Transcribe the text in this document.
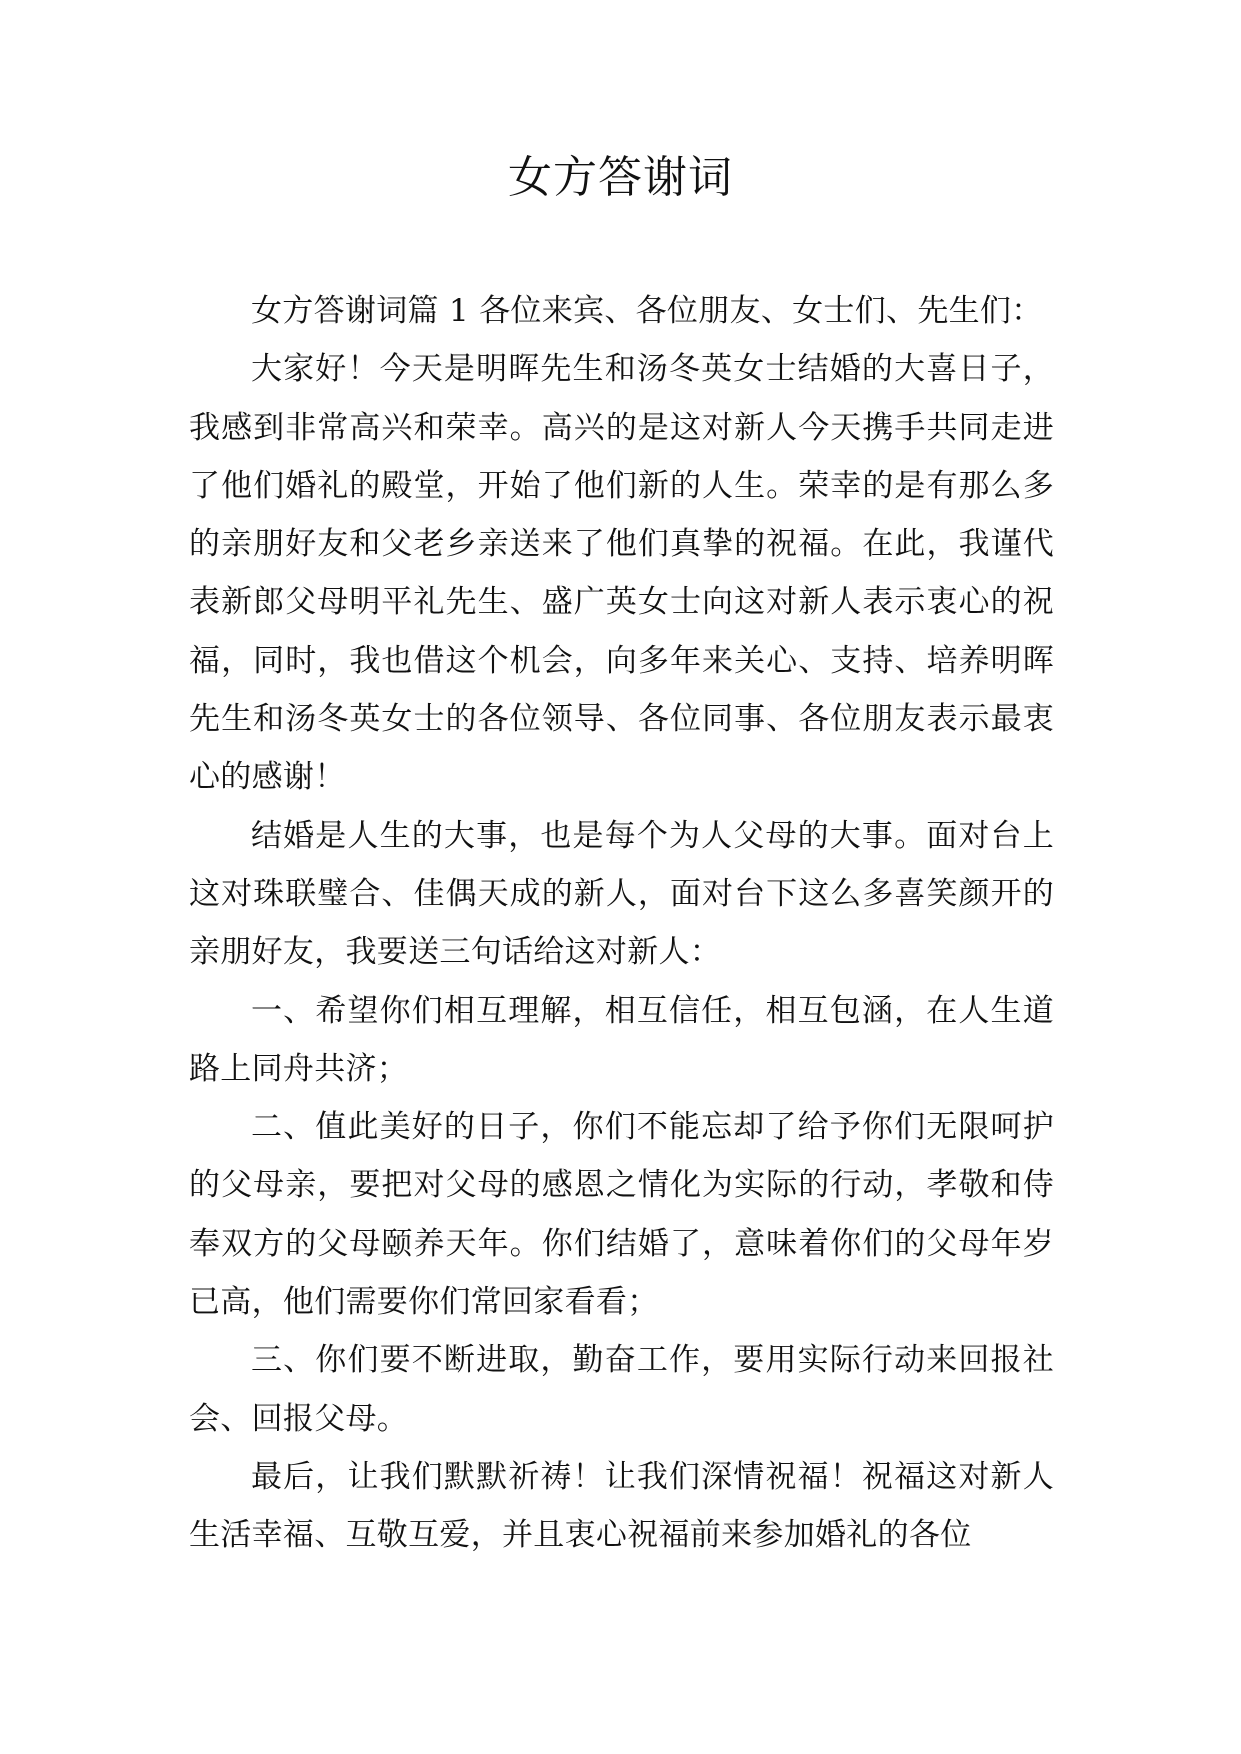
女方答谢词

女方答谢词篇 1 各位来宾、各位朋友、女士们、先生们：

大家好！今天是明晖先生和汤冬英女士结婚的大喜日子，我感到非常高兴和荣幸。高兴的是这对新人今天携手共同走进了他们婚礼的殿堂，开始了他们新的人生。荣幸的是有那么多的亲朋好友和父老乡亲送来了他们真挚的祝福。在此，我谨代表新郎父母明平礼先生、盛广英女士向这对新人表示衷心的祝福，同时，我也借这个机会，向多年来关心、支持、培养明晖先生和汤冬英女士的各位领导、各位同事、各位朋友表示最衷心的感谢！

结婚是人生的大事，也是每个为人父母的大事。面对台上这对珠联璧合、佳偶天成的新人，面对台下这么多喜笑颜开的亲朋好友，我要送三句话给这对新人：

一、希望你们相互理解，相互信任，相互包涵，在人生道路上同舟共济；

二、值此美好的日子，你们不能忘却了给予你们无限呵护的父母亲，要把对父母的感恩之情化为实际的行动，孝敬和侍奉双方的父母颐养天年。你们结婚了，意味着你们的父母年岁已高，他们需要你们常回家看看；

三、你们要不断进取，勤奋工作，要用实际行动来回报社会、回报父母。

最后，让我们默默祈祷！让我们深情祝福！祝福这对新人生活幸福、互敬互爱，并且衷心祝福前来参加婚礼的各位
